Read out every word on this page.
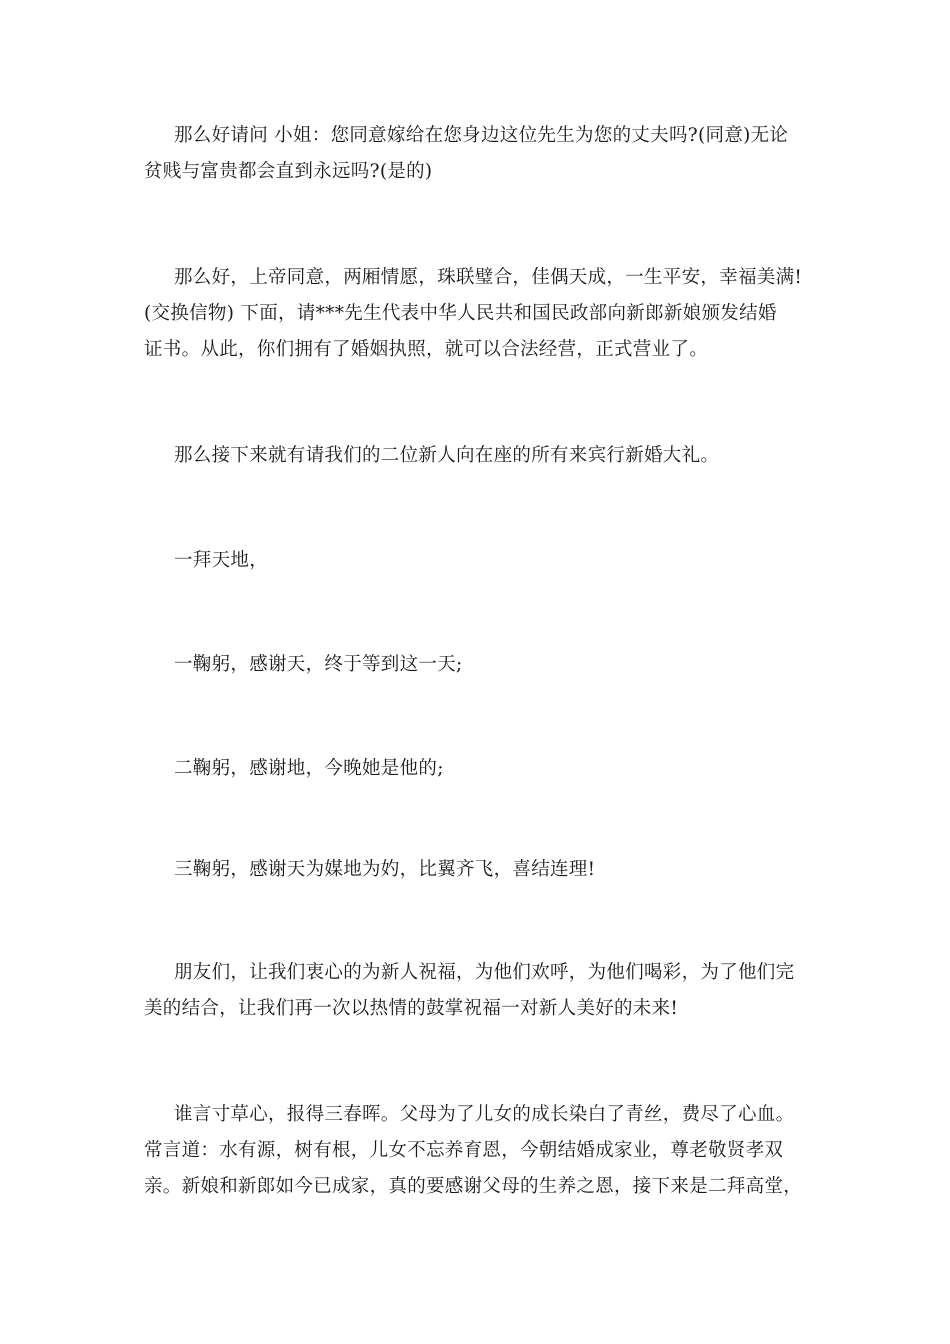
那么好请问 小姐：您同意嫁给在您身边这位先生为您的丈夫吗?(同意)无论
贫贱与富贵都会直到永远吗?(是的)

那么好，上帝同意，两厢情愿，珠联璧合，佳偶天成，一生平安，幸福美满!
(交换信物) 下面，请***先生代表中华人民共和国民政部向新郎新娘颁发结婚
证书。从此，你们拥有了婚姻执照，就可以合法经营，正式营业了。

那么接下来就有请我们的二位新人向在座的所有来宾行新婚大礼。

一拜天地，

一鞠躬，感谢天，终于等到这一天;

二鞠躬，感谢地，今晚她是他的;

三鞠躬，感谢天为媒地为妁，比翼齐飞，喜结连理!

朋友们，让我们衷心的为新人祝福，为他们欢呼，为他们喝彩，为了他们完
美的结合，让我们再一次以热情的鼓掌祝福一对新人美好的未来!

谁言寸草心，报得三春晖。父母为了儿女的成长染白了青丝，费尽了心血。
常言道：水有源，树有根，儿女不忘养育恩，今朝结婚成家业，尊老敬贤孝双
亲。新娘和新郎如今已成家，真的要感谢父母的生养之恩，接下来是二拜高堂，
